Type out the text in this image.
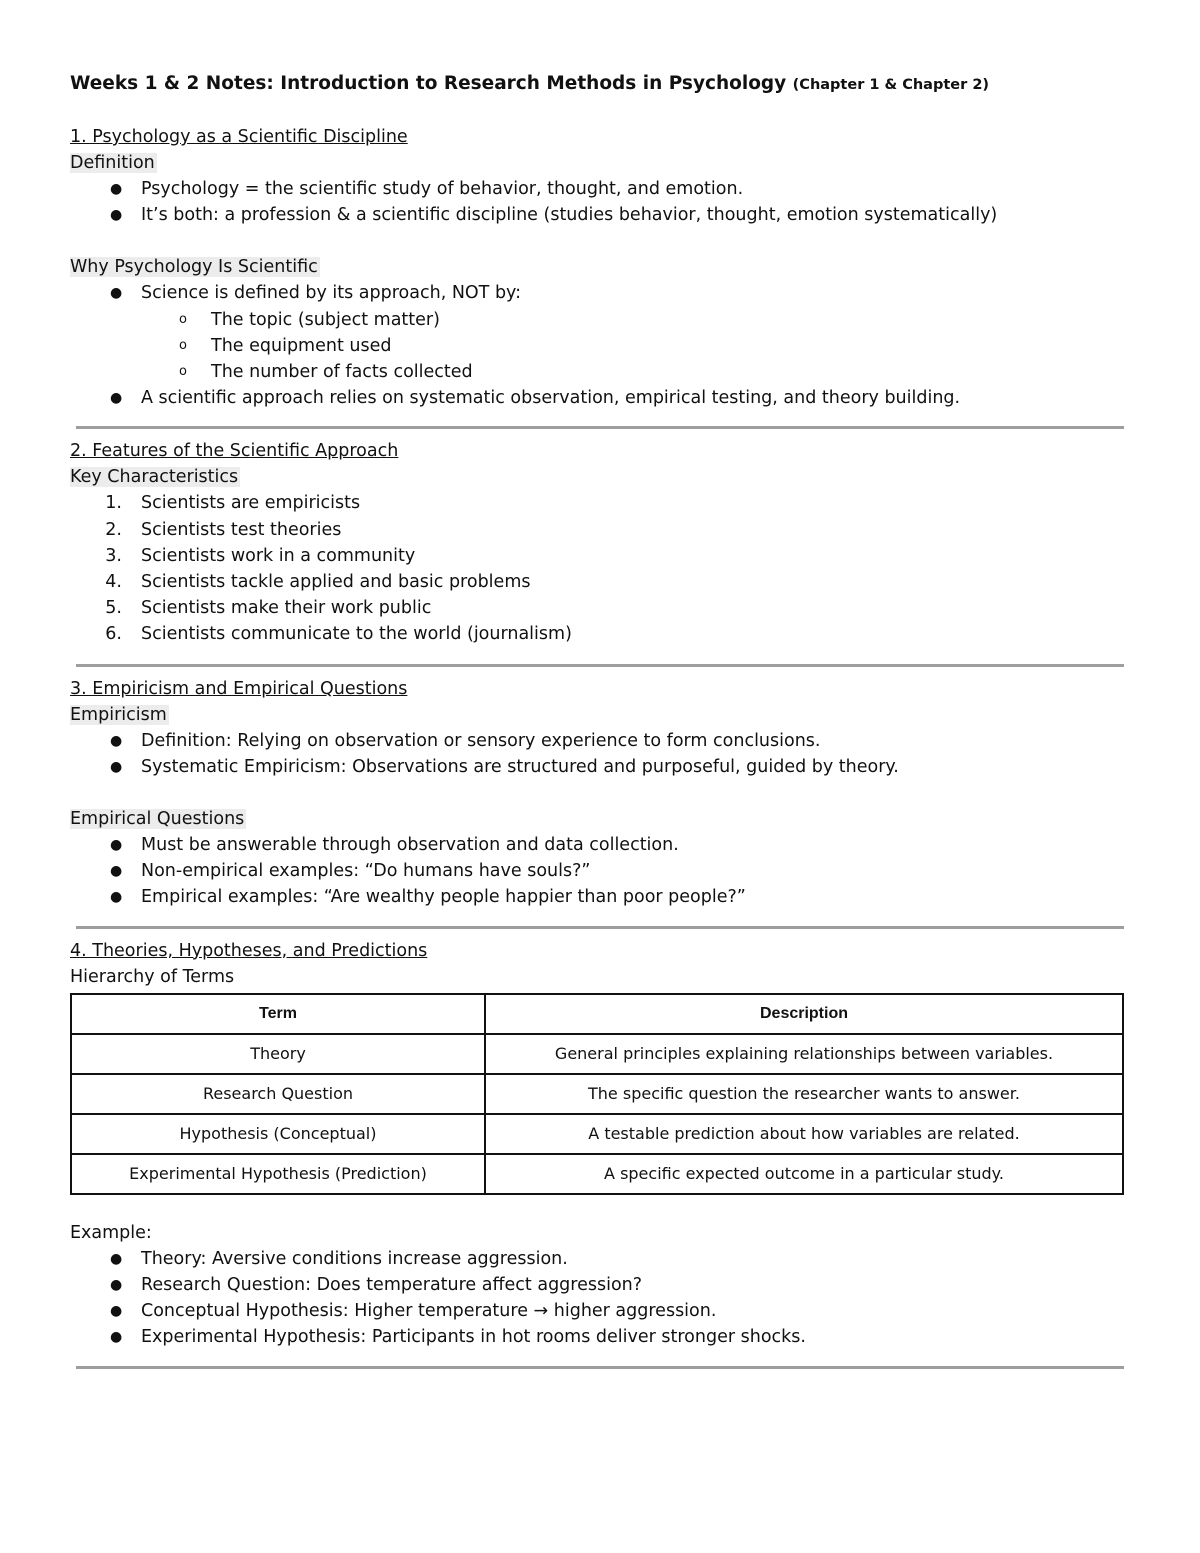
Weeks 1 & 2 Notes: Introduction to Research Methods in Psychology (Chapter 1 & Chapter 2)
1. Psychology as a Scientific Discipline
Definition
● Psychology = the scientific study of behavior, thought, and emotion.
● It’s both: a profession & a scientific discipline (studies behavior, thought, emotion systematically)
Why Psychology Is Scientific
● Science is defined by its approach, NOT by:
o The topic (subject matter)
o The equipment used
o The number of facts collected
● A scientific approach relies on systematic observation, empirical testing, and theory building.
2. Features of the Scientific Approach
Key Characteristics
1. Scientists are empiricists
2. Scientists test theories
3. Scientists work in a community
4. Scientists tackle applied and basic problems
5. Scientists make their work public
6. Scientists communicate to the world (journalism)
3. Empiricism and Empirical Questions
Empiricism
● Definition: Relying on observation or sensory experience to form conclusions.
● Systematic Empiricism: Observations are structured and purposeful, guided by theory.
Empirical Questions
● Must be answerable through observation and data collection.
● Non-empirical examples: “Do humans have souls?”
● Empirical examples: “Are wealthy people happier than poor people?”
4. Theories, Hypotheses, and Predictions
Hierarchy of Terms
Term	Description
Theory	General principles explaining relationships between variables.
Research Question	The specific question the researcher wants to answer.
Hypothesis (Conceptual)	A testable prediction about how variables are related.
Experimental Hypothesis (Prediction)	A specific expected outcome in a particular study.
Example:
● Theory: Aversive conditions increase aggression.
● Research Question: Does temperature affect aggression?
● Conceptual Hypothesis: Higher temperature → higher aggression.
● Experimental Hypothesis: Participants in hot rooms deliver stronger shocks.
